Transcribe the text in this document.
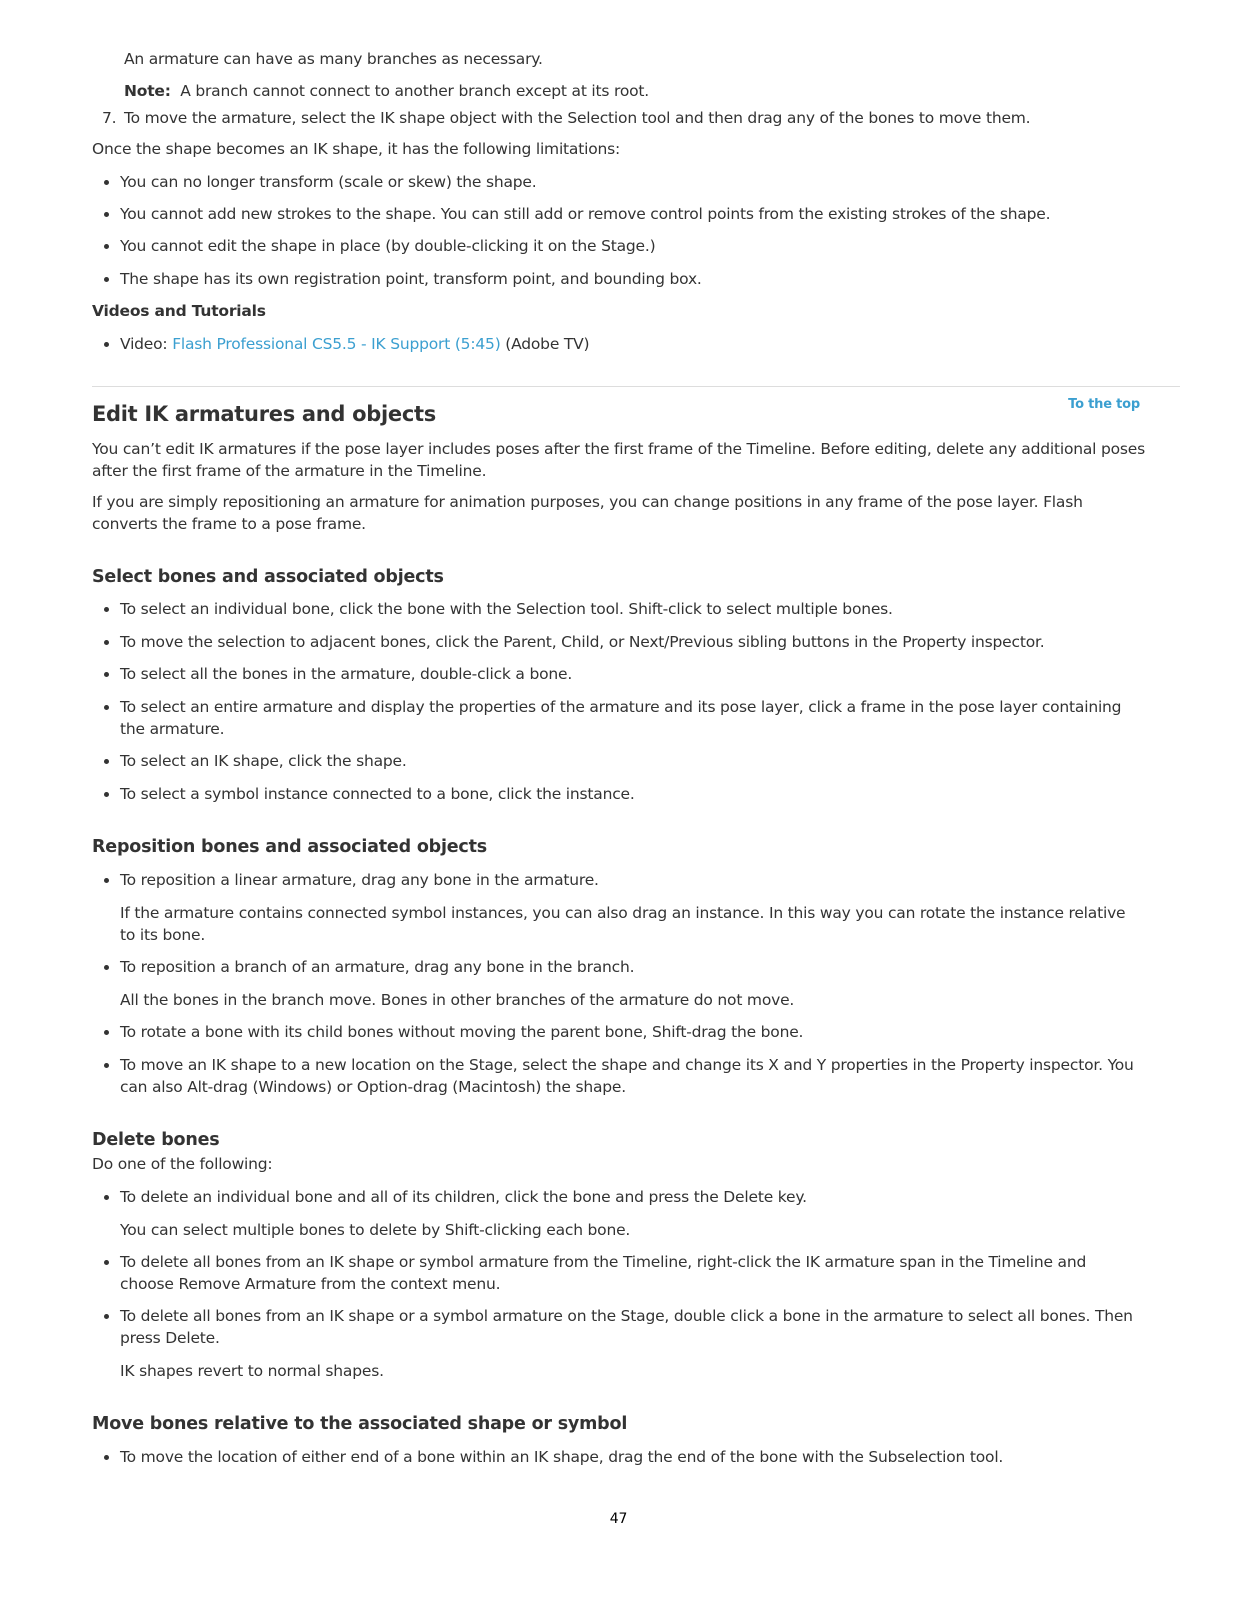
An armature can have as many branches as necessary.

Note: A branch cannot connect to another branch except at its root.

7. To move the armature, select the IK shape object with the Selection tool and then drag any of the bones to move them.

Once the shape becomes an IK shape, it has the following limitations:

You can no longer transform (scale or skew) the shape.

You cannot add new strokes to the shape. You can still add or remove control points from the existing strokes of the shape.

You cannot edit the shape in place (by double-clicking it on the Stage.)

The shape has its own registration point, transform point, and bounding box.

Videos and Tutorials

Video: Flash Professional CS5.5 - IK Support (5:45) (Adobe TV)

To the top
Edit IK armatures and objects

You can’t edit IK armatures if the pose layer includes poses after the first frame of the Timeline. Before editing, delete any additional poses after the first frame of the armature in the Timeline.

If you are simply repositioning an armature for animation purposes, you can change positions in any frame of the pose layer. Flash converts the frame to a pose frame.

Select bones and associated objects

To select an individual bone, click the bone with the Selection tool. Shift-click to select multiple bones.

To move the selection to adjacent bones, click the Parent, Child, or Next/Previous sibling buttons in the Property inspector.

To select all the bones in the armature, double-click a bone.

To select an entire armature and display the properties of the armature and its pose layer, click a frame in the pose layer containing the armature.

To select an IK shape, click the shape.

To select a symbol instance connected to a bone, click the instance.

Reposition bones and associated objects

To reposition a linear armature, drag any bone in the armature.

If the armature contains connected symbol instances, you can also drag an instance. In this way you can rotate the instance relative to its bone.

To reposition a branch of an armature, drag any bone in the branch.

All the bones in the branch move. Bones in other branches of the armature do not move.

To rotate a bone with its child bones without moving the parent bone, Shift-drag the bone.

To move an IK shape to a new location on the Stage, select the shape and change its X and Y properties in the Property inspector. You can also Alt-drag (Windows) or Option-drag (Macintosh) the shape.

Delete bones

Do one of the following:

To delete an individual bone and all of its children, click the bone and press the Delete key.

You can select multiple bones to delete by Shift-clicking each bone.

To delete all bones from an IK shape or symbol armature from the Timeline, right-click the IK armature span in the Timeline and choose Remove Armature from the context menu.

To delete all bones from an IK shape or a symbol armature on the Stage, double click a bone in the armature to select all bones. Then press Delete.

IK shapes revert to normal shapes.

Move bones relative to the associated shape or symbol

To move the location of either end of a bone within an IK shape, drag the end of the bone with the Subselection tool.

47
